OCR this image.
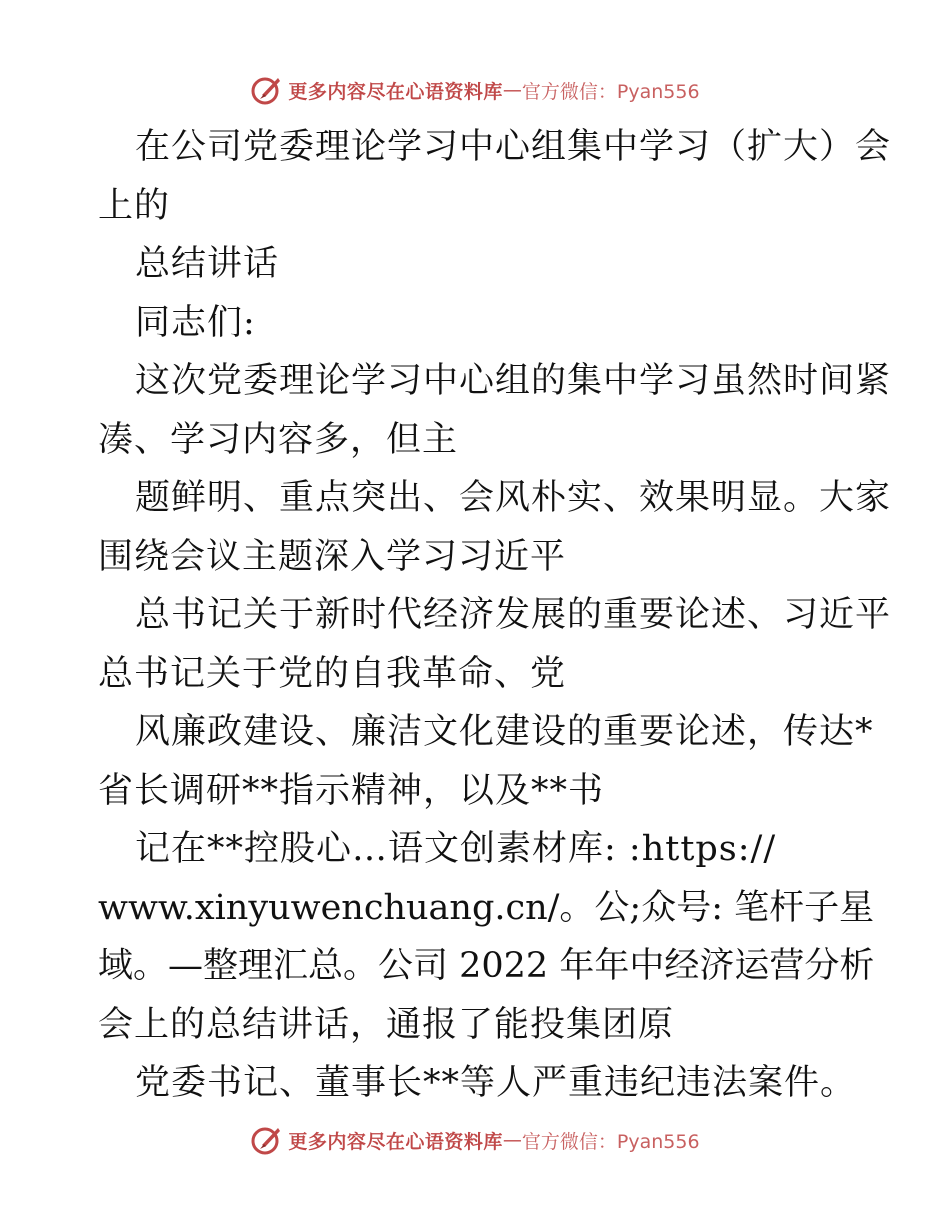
更多内容尽在心语资料库 — 官方微信：Pyan556
在公司党委理论学习中心组集中学习（扩大）会
上的
总结讲话
同志们:
这次党委理论学习中心组的集中学习虽然时间紧
凑、学习内容多，但主
题鲜明、重点突出、会风朴实、效果明显。大家
围绕会议主题深入学习习近平
总书记关于新时代经济发展的重要论述、习近平
总书记关于党的自我革命、党
风廉政建设、廉洁文化建设的重要论述，传达*
省长调研**指示精神，以及**书
记在**控股心…语文创素材库: :https://
www.xinyuwenchuang.cn/。公;众号: 笔杆子星
域。—整理汇总。公司 2022 年年中经济运营分析
会上的总结讲话，通报了能投集团原
党委书记、董事长**等人严重违纪违法案件。
更多内容尽在心语资料库 — 官方微信：Pyan556
